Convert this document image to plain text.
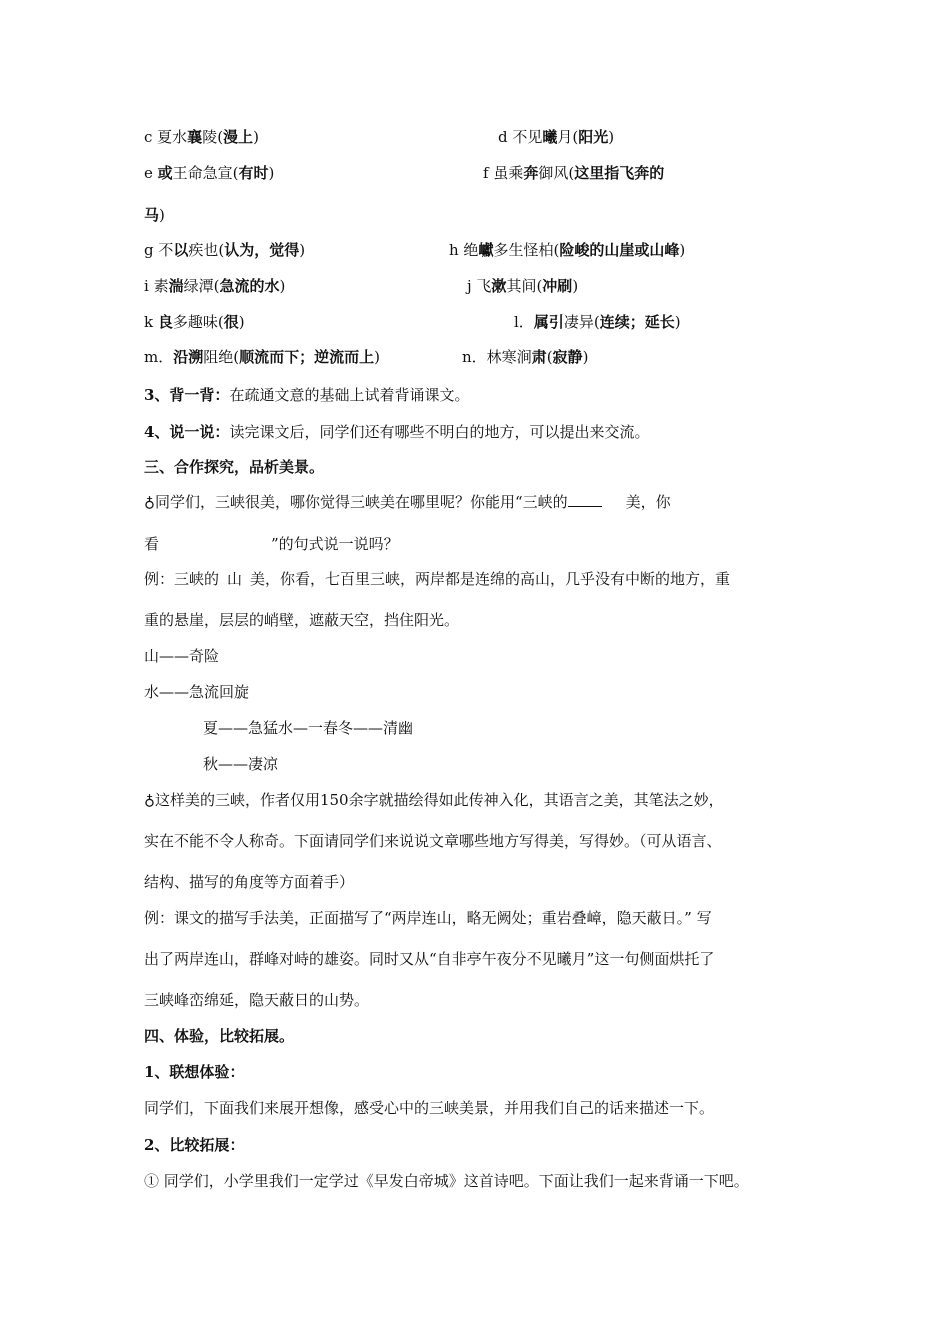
c 夏水襄陵(漫上)	d 不见曦月(阳光)
e 或王命急宣(有时)	f 虽乘奔御风(这里指飞奔的
马)
g 不以疾也(认为，觉得)	h 绝巘多生怪柏(险峻的山崖或山峰)
i 素湍绿潭(急流的水)	j 飞漱其间(冲刷)
k 良多趣味(很)	l．属引凄异(连续；延长)
m．沿溯阻绝(顺流而下；逆流而上)	n．林寒涧肃(寂静)
3、背一背：在疏通文意的基础上试着背诵课文。
4、说一说：读完课文后，同学们还有哪些不明白的地方，可以提出来交流。
三、合作探究，品析美景。
♁同学们，三峡很美，哪你觉得三峡美在哪里呢？你能用“三峡的	美，你
看	”的句式说一说吗？
例：三峡的 山 美，你看，七百里三峡，两岸都是连绵的高山，几乎没有中断的地方，重
重的悬崖，层层的峭壁，遮蔽天空，挡住阳光。
山——奇险
水——急流回旋
夏——急猛水—一春冬——清幽
秋——凄凉
♁这样美的三峡，作者仅用150余字就描绘得如此传神入化，其语言之美，其笔法之妙，
实在不能不令人称奇。下面请同学们来说说文章哪些地方写得美，写得妙。（可从语言、
结构、描写的角度等方面着手）
例：课文的描写手法美，正面描写了“两岸连山，略无阙处；重岩叠嶂，隐天蔽日。” 写
出了两岸连山，群峰对峙的雄姿。同时又从“自非亭午夜分不见曦月”这一句侧面烘托了
三峡峰峦绵延，隐天蔽日的山势。
四、体验，比较拓展。
1、联想体验：
同学们，下面我们来展开想像，感受心中的三峡美景，并用我们自己的话来描述一下。
2、比较拓展：
① 同学们，小学里我们一定学过《早发白帝城》这首诗吧。下面让我们一起来背诵一下吧。
